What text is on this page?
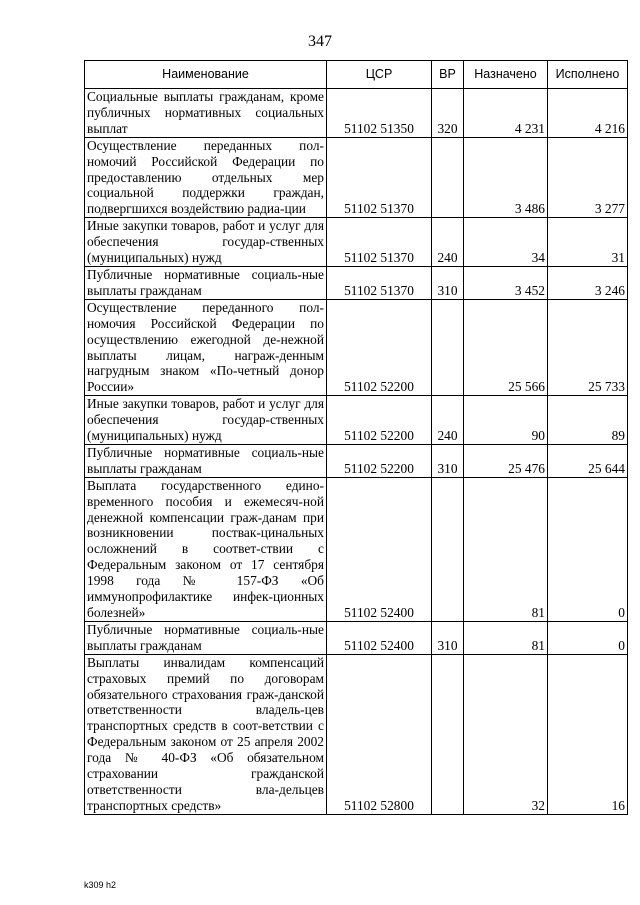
347
Наименование	ЦСР	ВР	Назначено	Исполнено
Социальные выплаты гражданам, кроме публичных нормативных социальных выплат	51102 51350	320	4 231	4 216
Осуществление переданных пол-номочий Российской Федерации по предоставлению отдельных мер социальной поддержки граждан, подвергшихся воздействию радиа-ции	51102 51370		3 486	3 277
Иные закупки товаров, работ и услуг для обеспечения государ-ственных (муниципальных) нужд	51102 51370	240	34	31
Публичные нормативные социаль-ные выплаты гражданам	51102 51370	310	3 452	3 246
Осуществление переданного пол-номочия Российской Федерации по осуществлению ежегодной де-нежной выплаты лицам, награж-денным нагрудным знаком «По-четный донор России»	51102 52200		25 566	25 733
Иные закупки товаров, работ и услуг для обеспечения государ-ственных (муниципальных) нужд	51102 52200	240	90	89
Публичные нормативные социаль-ные выплаты гражданам	51102 52200	310	25 476	25 644
Выплата государственного едино-временного пособия и ежемесяч-ной денежной компенсации граж-данам при возникновении поствак-цинальных осложнений в соответ-ствии с Федеральным законом от 17 сентября 1998 года № 157-ФЗ «Об иммунопрофилактике инфек-ционных болезней»	51102 52400		81	0
Публичные нормативные социаль-ные выплаты гражданам	51102 52400	310	81	0
Выплаты инвалидам компенсаций страховых премий по договорам обязательного страхования граж-данской ответственности владель-цев транспортных средств в соот-ветствии с Федеральным законом от 25 апреля 2002 года № 40-ФЗ «Об обязательном страховании гражданской ответственности вла-дельцев транспортных средств»	51102 52800		32	16
k309 h2
